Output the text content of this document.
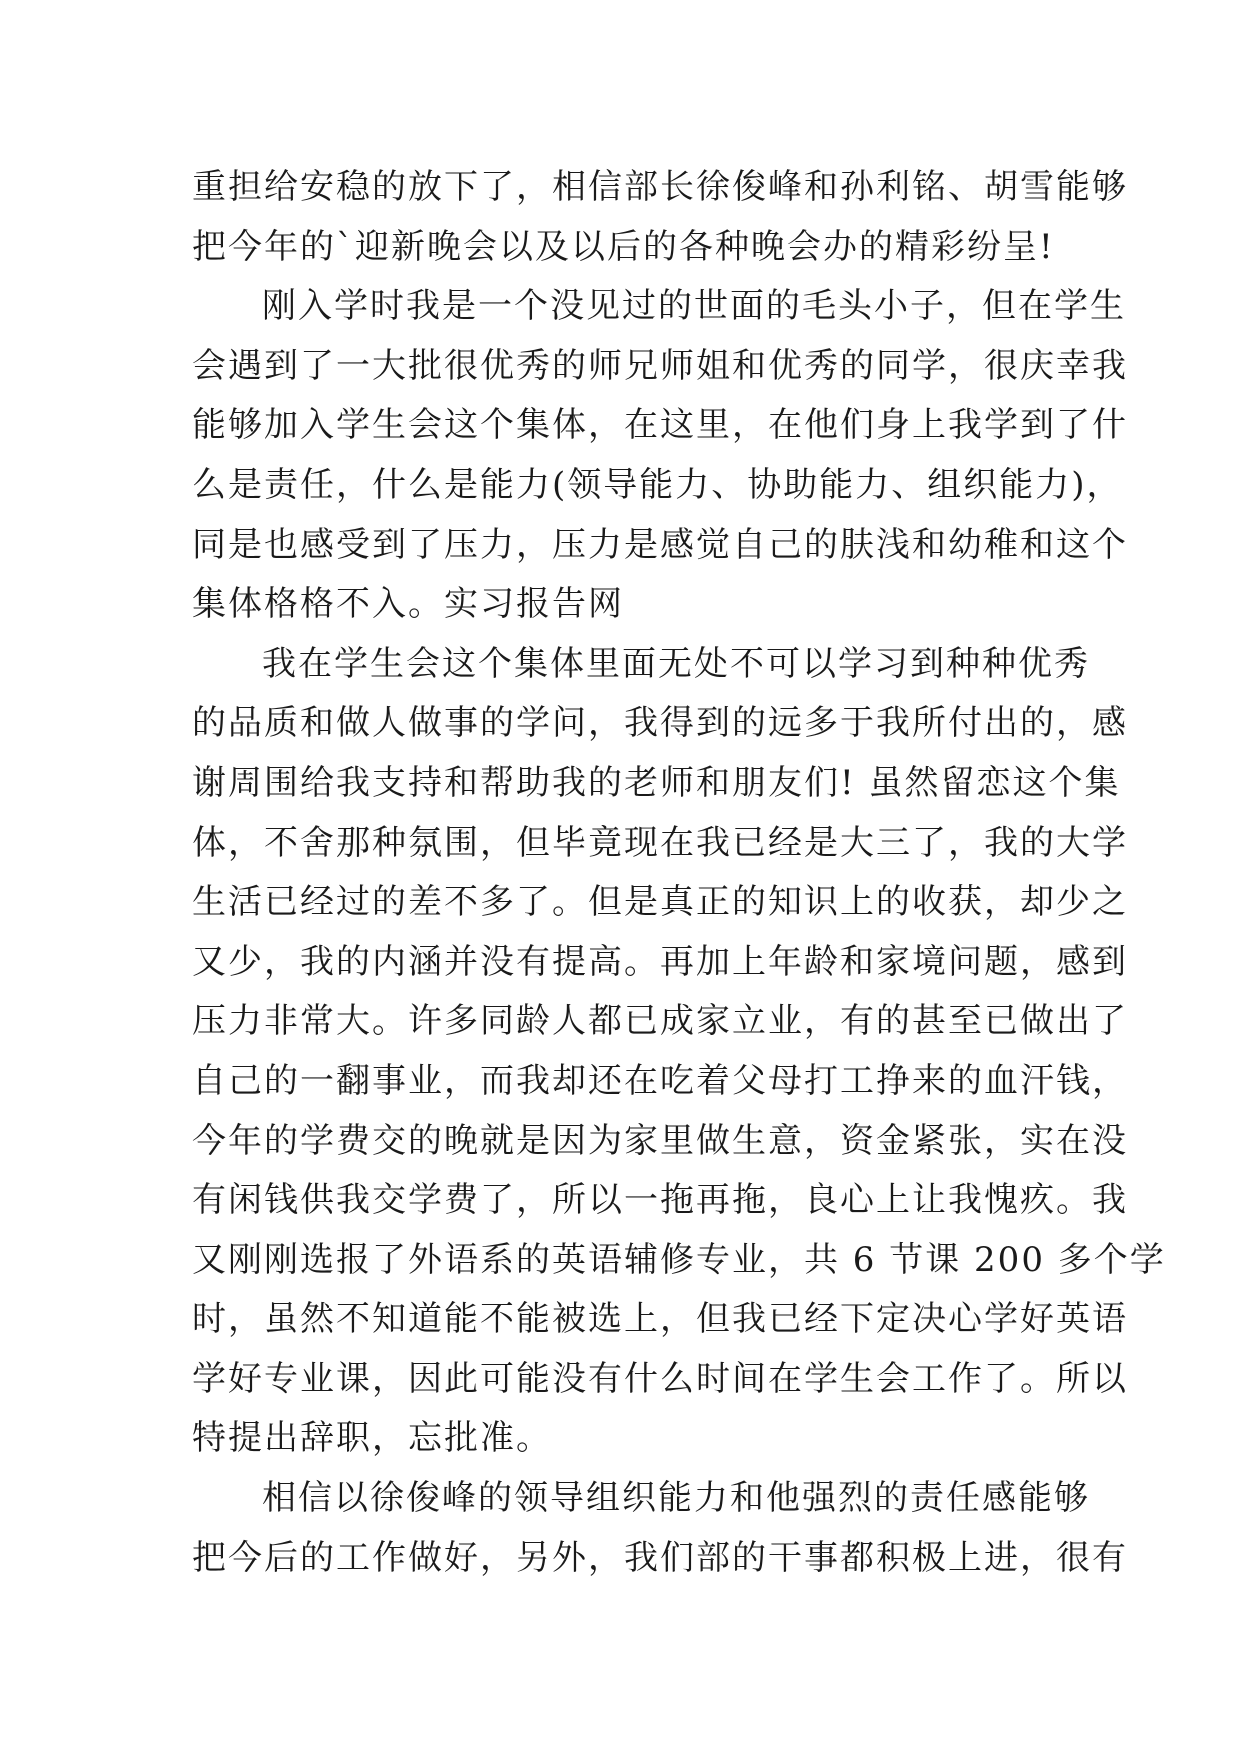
重担给安稳的放下了，相信部长徐俊峰和孙利铭、胡雪能够
把今年的`迎新晚会以及以后的各种晚会办的精彩纷呈!
刚入学时我是一个没见过的世面的毛头小子，但在学生
会遇到了一大批很优秀的师兄师姐和优秀的同学，很庆幸我
能够加入学生会这个集体，在这里，在他们身上我学到了什
么是责任，什么是能力(领导能力、协助能力、组织能力)，
同是也感受到了压力，压力是感觉自己的肤浅和幼稚和这个
集体格格不入。实习报告网
我在学生会这个集体里面无处不可以学习到种种优秀
的品质和做人做事的学问，我得到的远多于我所付出的，感
谢周围给我支持和帮助我的老师和朋友们! 虽然留恋这个集
体，不舍那种氛围，但毕竟现在我已经是大三了，我的大学
生活已经过的差不多了。但是真正的知识上的收获，却少之
又少，我的内涵并没有提高。再加上年龄和家境问题，感到
压力非常大。许多同龄人都已成家立业，有的甚至已做出了
自己的一翻事业，而我却还在吃着父母打工挣来的血汗钱，
今年的学费交的晚就是因为家里做生意，资金紧张，实在没
有闲钱供我交学费了，所以一拖再拖，良心上让我愧疚。我
又刚刚选报了外语系的英语辅修专业，共 6 节课 200 多个学
时，虽然不知道能不能被选上，但我已经下定决心学好英语
学好专业课，因此可能没有什么时间在学生会工作了。所以
特提出辞职，忘批准。
相信以徐俊峰的领导组织能力和他强烈的责任感能够
把今后的工作做好，另外，我们部的干事都积极上进，很有
